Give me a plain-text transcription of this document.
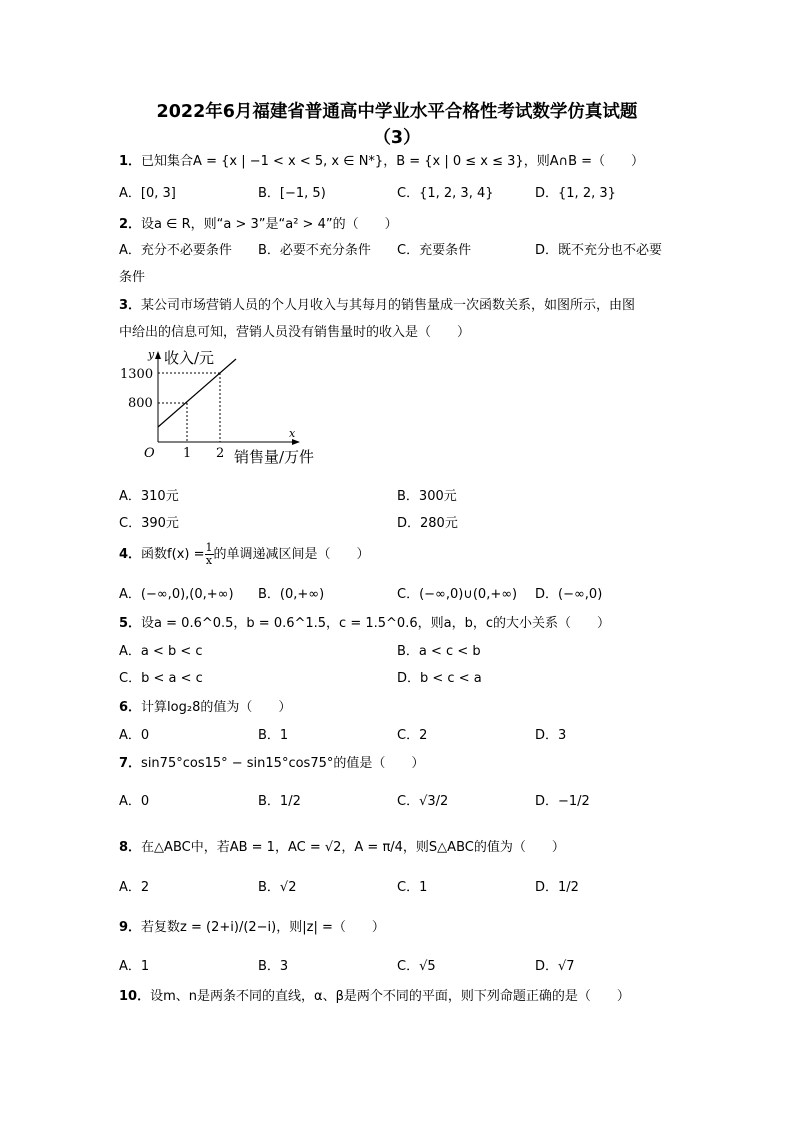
2022年6月福建省普通高中学业水平合格性考试数学仿真试题
（3）
1．已知集合A = {x | −1 < x < 5, x ∈ N*}，B = {x | 0 ≤ x ≤ 3}，则A∩B =（　　）
A．[0, 3]	B．[−1, 5)	C．{1, 2, 3, 4}	D．{1, 2, 3}
2．设a ∈ R，则“a > 3”是“a² > 4”的（　　）
A．充分不必要条件 B．必要不充分条件 C．充要条件	D．既不充分也不必要
条件
3．某公司市场营销人员的个人月收入与其每月的销售量成一次函数关系，如图所示，由图
中给出的信息可知，营销人员没有销售量时的收入是（　　）
y 收入/元
1300
800
O 1 2
x
销售量/万件
A．310元	B．300元
C．390元	D．280元
4．函数$f(x) = \frac{1}{x}$ 的单调递减区间是（　　）
A．(−∞,0),(0,+∞) B．(0,+∞)	C．(−∞,0)∪(0,+∞) D．(−∞,0)
5．设a = 0.6^0.5，b = 0.6^1.5，c = 1.5^0.6，则a，b，c的大小关系（　　）
A．a < b < c	B．a < c < b
C．b < a < c	D．b < c < a
6．计算log₂8的值为（　　）
A．0	B．1	C．2	D．3
7．sin75°cos15° − sin15°cos75°的值是（　　）
A．0	B．1/2	C．√3/2	D．−1/2
8．在△ABC中，若AB = 1，AC = √2，A = π/4，则S△ABC的值为（　　）
A．2	B．√2	C．1	D．1/2
9．若复数z = (2+i)/(2−i)，则|z| =（　　）
A．1	B．3	C．√5	D．√7
10．设m、n是两条不同的直线，α、β是两个不同的平面，则下列命题正确的是（　　）
